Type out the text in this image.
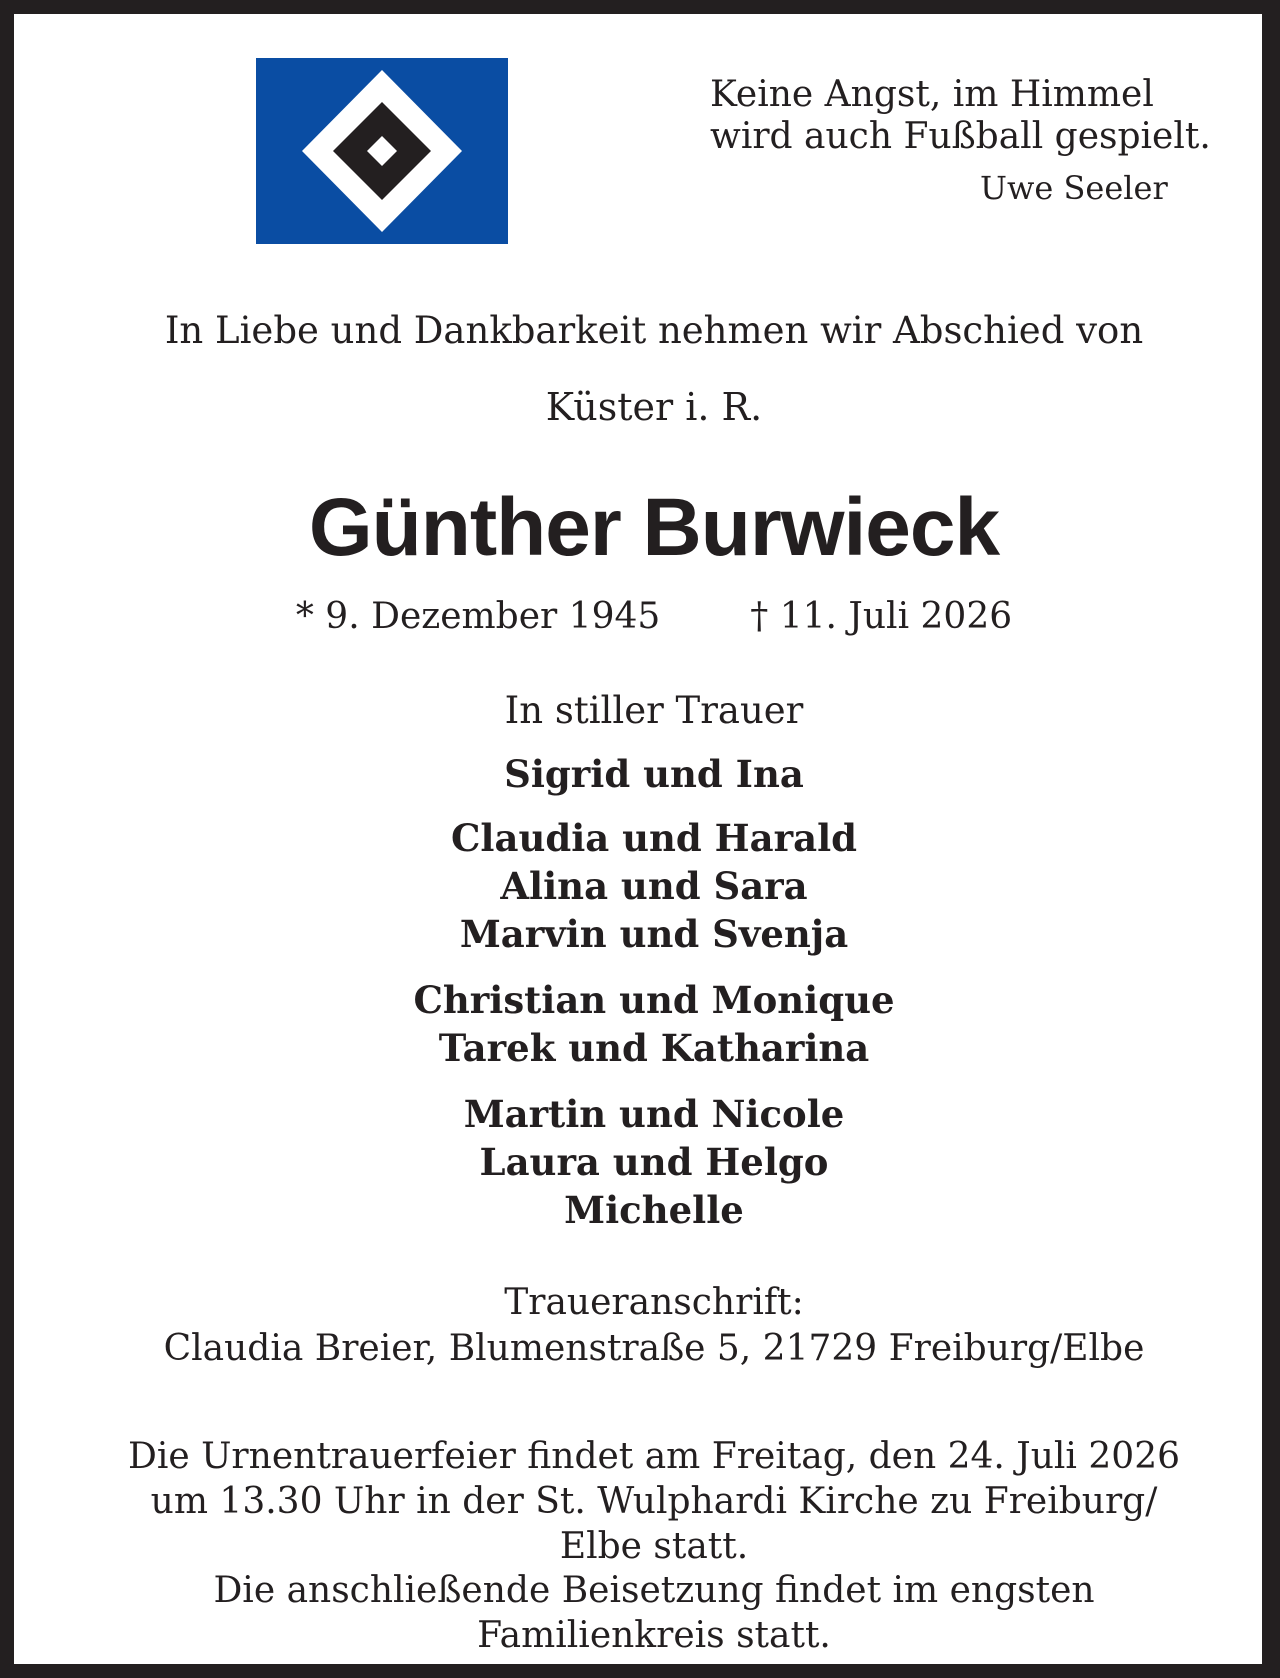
Keine Angst, im Himmel
wird auch Fußball gespielt.
Uwe Seeler
In Liebe und Dankbarkeit nehmen wir Abschied von
Küster i. R.
Günther Burwieck
* 9. Dezember 1945	† 11. Juli 2026
In stiller Trauer
Sigrid und Ina
Claudia und Harald
Alina und Sara
Marvin und Svenja
Christian und Monique
Tarek und Katharina
Martin und Nicole
Laura und Helgo
Michelle
Traueranschrift:
Claudia Breier, Blumenstraße 5, 21729 Freiburg/Elbe
Die Urnentrauerfeier findet am Freitag, den 24. Juli 2026
um 13.30 Uhr in der St. Wulphardi Kirche zu Freiburg/
Elbe statt.
Die anschließende Beisetzung findet im engsten
Familienkreis statt.
